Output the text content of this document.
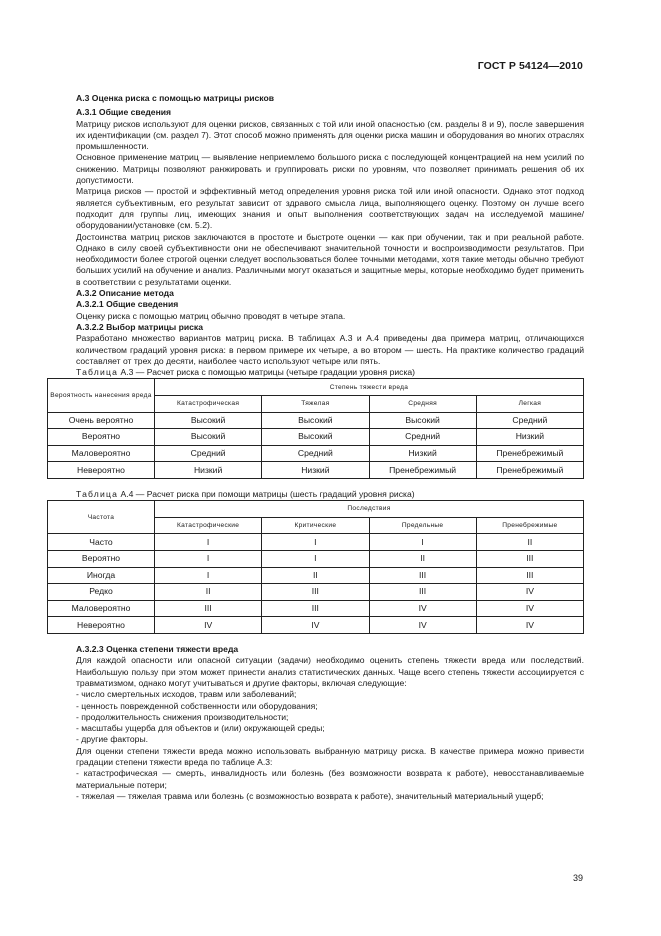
ГОСТ Р 54124—2010

А.3 Оценка риска с помощью матрицы рисков

А.3.1 Общие сведения

Матрицу рисков используют для оценки рисков, связанных с той или иной опасностью (см. разделы 8 и 9), после завершения их идентификации (см. раздел 7). Этот способ можно применять для оценки риска машин и оборудования во многих отраслях промышленности.

Основное применение матриц — выявление неприемлемо большого риска с последующей концентрацией на нем усилий по снижению. Матрицы позволяют ранжировать и группировать риски по уровням, что позволяет принимать решения об их допустимости.

Матрица рисков — простой и эффективный метод определения уровня риска той или иной опасности. Однако этот подход является субъективным, его результат зависит от здравого смысла лица, выполняющего оценку. Поэтому он лучше всего подходит для группы лиц, имеющих знания и опыт выполнения соответствующих задач на исследуемой машине/оборудовании/установке (см. 5.2).

Достоинства матриц рисков заключаются в простоте и быстроте оценки — как при обучении, так и при реальной работе. Однако в силу своей субъективности они не обеспечивают значительной точности и воспроизводимости результатов. При необходимости более строгой оценки следует воспользоваться более точными методами, хотя такие методы обычно требуют больших усилий на обучение и анализ. Различными могут оказаться и защитные меры, которые необходимо будет применить в соответствии с результатами оценки.

А.3.2 Описание метода

А.3.2.1 Общие сведения

Оценку риска с помощью матриц обычно проводят в четыре этапа.

А.3.2.2 Выбор матрицы риска

Разработано множество вариантов матриц риска. В таблицах А.3 и А.4 приведены два примера матриц, отличающихся количеством градаций уровня риска: в первом примере их четыре, а во втором — шесть. На практике количество градаций составляет от трех до десяти, наиболее часто используют четыре или пять.

Таблица А.3 — Расчет риска с помощью матрицы (четыре градации уровня риска)

Вероятность нанесения вреда	Степень тяжести вреда			
	Катастрофическая	Тяжелая	Средняя	Легкая
Очень вероятно	Высокий	Высокий	Высокий	Средний
Вероятно	Высокий	Высокий	Средний	Низкий
Маловероятно	Средний	Средний	Низкий	Пренебрежимый
Невероятно	Низкий	Низкий	Пренебрежимый	Пренебрежимый

Таблица А.4 — Расчет риска при помощи матрицы (шесть градаций уровня риска)

Частота	Последствия			
	Катастрофические	Критические	Предельные	Пренебрежимые
Часто	I	I	I	II
Вероятно	I	I	II	III
Иногда	I	II	III	III
Редко	II	III	III	IV
Маловероятно	III	III	IV	IV
Невероятно	IV	IV	IV	IV

А.3.2.3 Оценка степени тяжести вреда

Для каждой опасности или опасной ситуации (задачи) необходимо оценить степень тяжести вреда или последствий. Наибольшую пользу при этом может принести анализ статистических данных. Чаще всего степень тяжести ассоциируется с травматизмом, однако могут учитываться и другие факторы, включая следующие:

- число смертельных исходов, травм или заболеваний;

- ценность поврежденной собственности или оборудования;

- продолжительность снижения производительности;

- масштабы ущерба для объектов и (или) окружающей среды;

- другие факторы.

Для оценки степени тяжести вреда можно использовать выбранную матрицу риска. В качестве примера можно привести градации степени тяжести вреда по таблице А.3:

- катастрофическая — смерть, инвалидность или болезнь (без возможности возврата к работе), невосстанавливаемые материальные потери;

- тяжелая — тяжелая травма или болезнь (с возможностью возврата к работе), значительный материальный ущерб;

39
